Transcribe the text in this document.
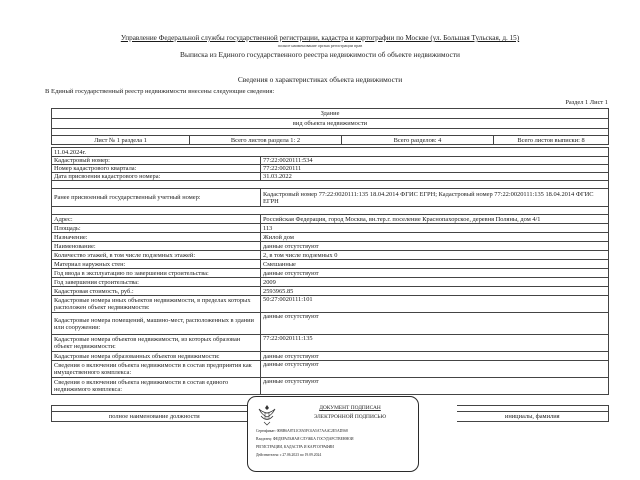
Управление Федеральной службы государственной регистрации, кадастра и картографии по Москве (ул. Большая Тульская, д. 15)
полное наименование органа регистрации прав
Выписка из Единого государственного реестра недвижимости об объекте недвижимости
Сведения о характеристиках объекта недвижимости
В Единый государственный реестр недвижимости внесены следующие сведения:
Раздел 1 Лист 1
Здание
вид объекта недвижимости

Лист № 1 раздела 1	Всего листов раздела 1: 2	Всего разделов: 4	Всего листов выписки: 8
11.04.2024г.	
Кадастровый номер:	77:22:0020111:534
Номер кадастрового квартала:	77:22:0020111
Дата присвоения кадастрового номера:	31.03.2022

Ранее присвоенный государственный учетный номер:	Кадастровый номер 77:22:0020111:135 18.04.2014 ФГИС ЕГРН; Кадастровый номер 77:22:0020111:135 18.04.2014 ФГИС ЕГРН

Адрес:	Российская Федерация, город Москва, вн.тер.г. поселение Краснопахорское, деревня Поляны, дом 4/1
Площадь:	113
Назначение:	Жилой дом
Наименование:	данные отсутствуют
Количество этажей, в том числе подземных этажей:	2, в том числе подземных 0
Материал наружных стен:	Смешанные
Год ввода в эксплуатацию по завершении строительства:	данные отсутствуют
Год завершения строительства:	2009
Кадастровая стоимость, руб.:	2593965.85
Кадастровые номера иных объектов недвижимости, в пределах которых расположен объект недвижимости:	50:27:0020111:101
Кадастровые номера помещений, машино-мест, расположенных в здании или сооружении:	данные отсутствуют
Кадастровые номера объектов недвижимости, из которых образован объект недвижимости:	77:22:0020111:135
Кадастровые номера образованных объектов недвижимости:	данные отсутствуют
Сведения о включении объекта недвижимости в состав предприятия как имущественного комплекса:	данные отсутствуют
Сведения о включении объекта недвижимости в состав единого недвижимого комплекса:	данные отсутствуют

полное наименование должности		инициалы, фамилия
ДОКУМЕНТ ПОДПИСАН
ЭЛЕКТРОННОЙ ПОДПИСЬЮ
Сертификат: 00BB6A8741C8A5FC6A5A7AA4C2E5AD568
Владелец: ФЕДЕРАЛЬНАЯ СЛУЖБА ГОСУДАРСТВЕННОЙ
РЕГИСТРАЦИИ, КАДАСТРА И КАРТОГРАФИИ
Действителен: с 27.06.2023 по 19.09.2024
